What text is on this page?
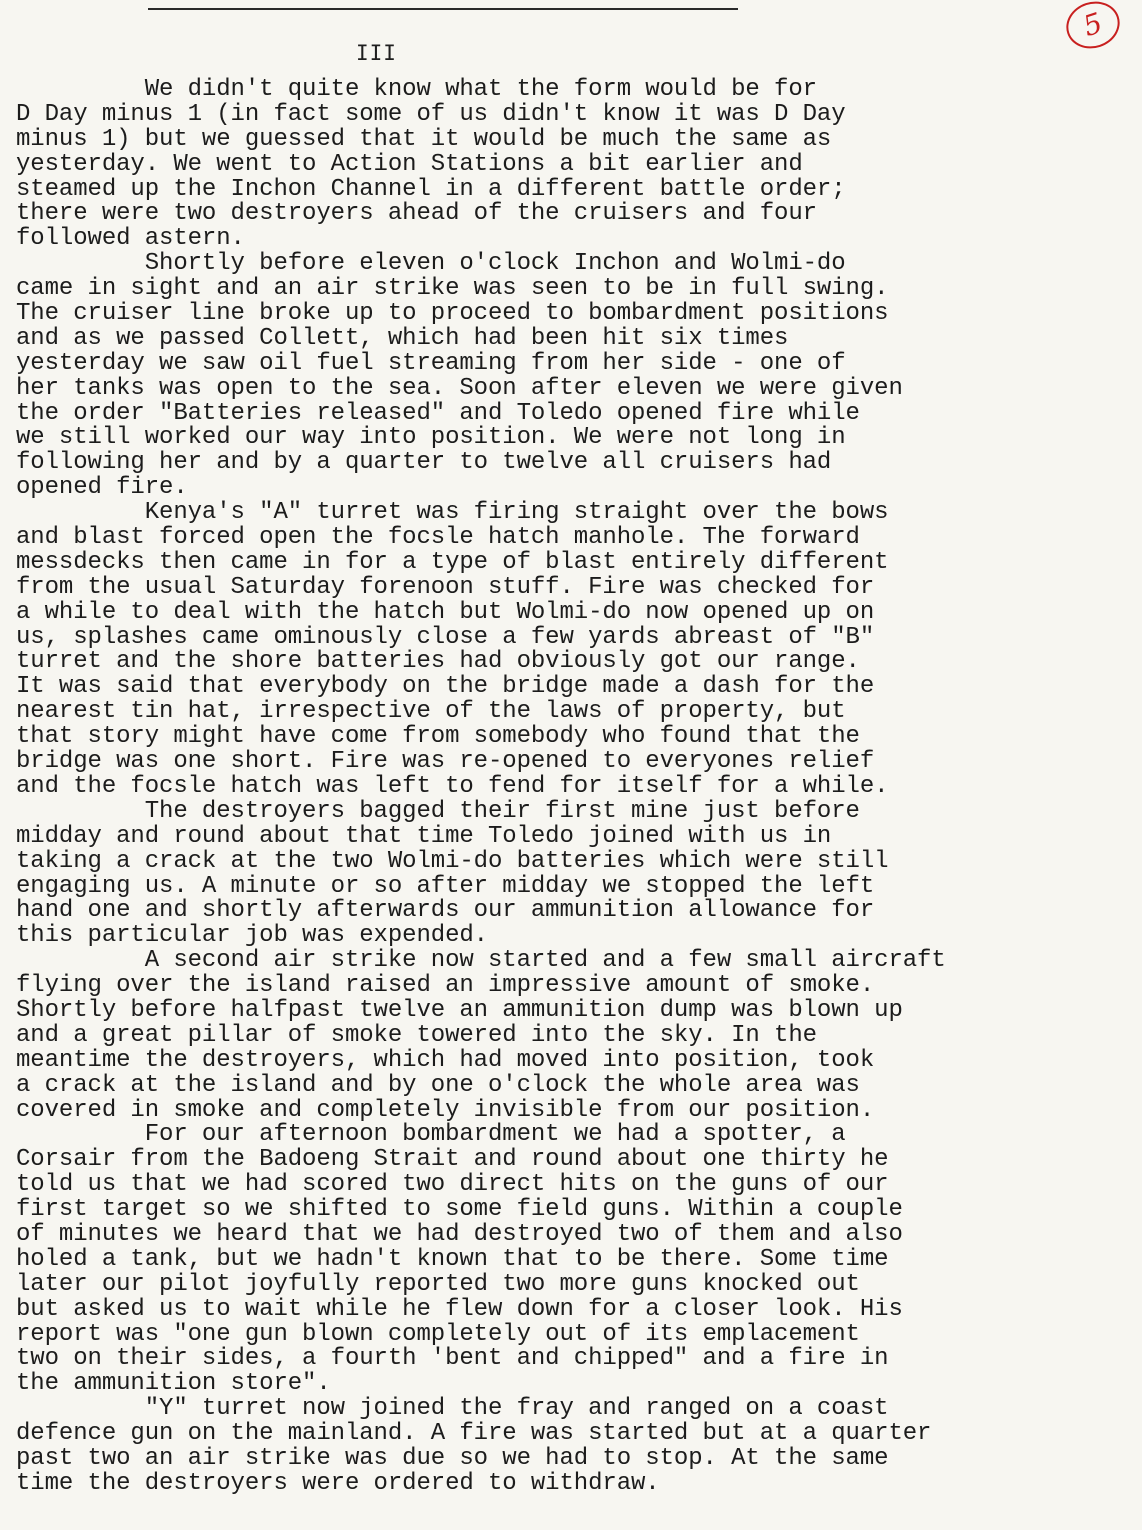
5
III
We didn't quite know what the form would be for
D Day minus 1 (in fact some of us didn't know it was D Day
minus 1) but we guessed that it would be much the same as
yesterday. We went to Action Stations a bit earlier and
steamed up the Inchon Channel in a different battle order;
there were two destroyers ahead of the cruisers and four
followed astern.
Shortly before eleven o'clock Inchon and Wolmi-do
came in sight and an air strike was seen to be in full swing.
The cruiser line broke up to proceed to bombardment positions
and as we passed Collett, which had been hit six times
yesterday we saw oil fuel streaming from her side - one of
her tanks was open to the sea. Soon after eleven we were given
the order "Batteries released" and Toledo opened fire while
we still worked our way into position. We were not long in
following her and by a quarter to twelve all cruisers had
opened fire.
Kenya's "A" turret was firing straight over the bows
and blast forced open the focsle hatch manhole. The forward
messdecks then came in for a type of blast entirely different
from the usual Saturday forenoon stuff. Fire was checked for
a while to deal with the hatch but Wolmi-do now opened up on
us, splashes came ominously close a few yards abreast of "B"
turret and the shore batteries had obviously got our range.
It was said that everybody on the bridge made a dash for the
nearest tin hat, irrespective of the laws of property, but
that story might have come from somebody who found that the
bridge was one short. Fire was re-opened to everyones relief
and the focsle hatch was left to fend for itself for a while.
The destroyers bagged their first mine just before
midday and round about that time Toledo joined with us in
taking a crack at the two Wolmi-do batteries which were still
engaging us. A minute or so after midday we stopped the left
hand one and shortly afterwards our ammunition allowance for
this particular job was expended.
A second air strike now started and a few small aircraft
flying over the island raised an impressive amount of smoke.
Shortly before halfpast twelve an ammunition dump was blown up
and a great pillar of smoke towered into the sky. In the
meantime the destroyers, which had moved into position, took
a crack at the island and by one o'clock the whole area was
covered in smoke and completely invisible from our position.
For our afternoon bombardment we had a spotter, a
Corsair from the Badoeng Strait and round about one thirty he
told us that we had scored two direct hits on the guns of our
first target so we shifted to some field guns. Within a couple
of minutes we heard that we had destroyed two of them and also
holed a tank, but we hadn't known that to be there. Some time
later our pilot joyfully reported two more guns knocked out
but asked us to wait while he flew down for a closer look. His
report was "one gun blown completely out of its emplacement
two on their sides, a fourth 'bent and chipped" and a fire in
the ammunition store".
"Y" turret now joined the fray and ranged on a coast
defence gun on the mainland. A fire was started but at a quarter
past two an air strike was due so we had to stop. At the same
time the destroyers were ordered to withdraw.
